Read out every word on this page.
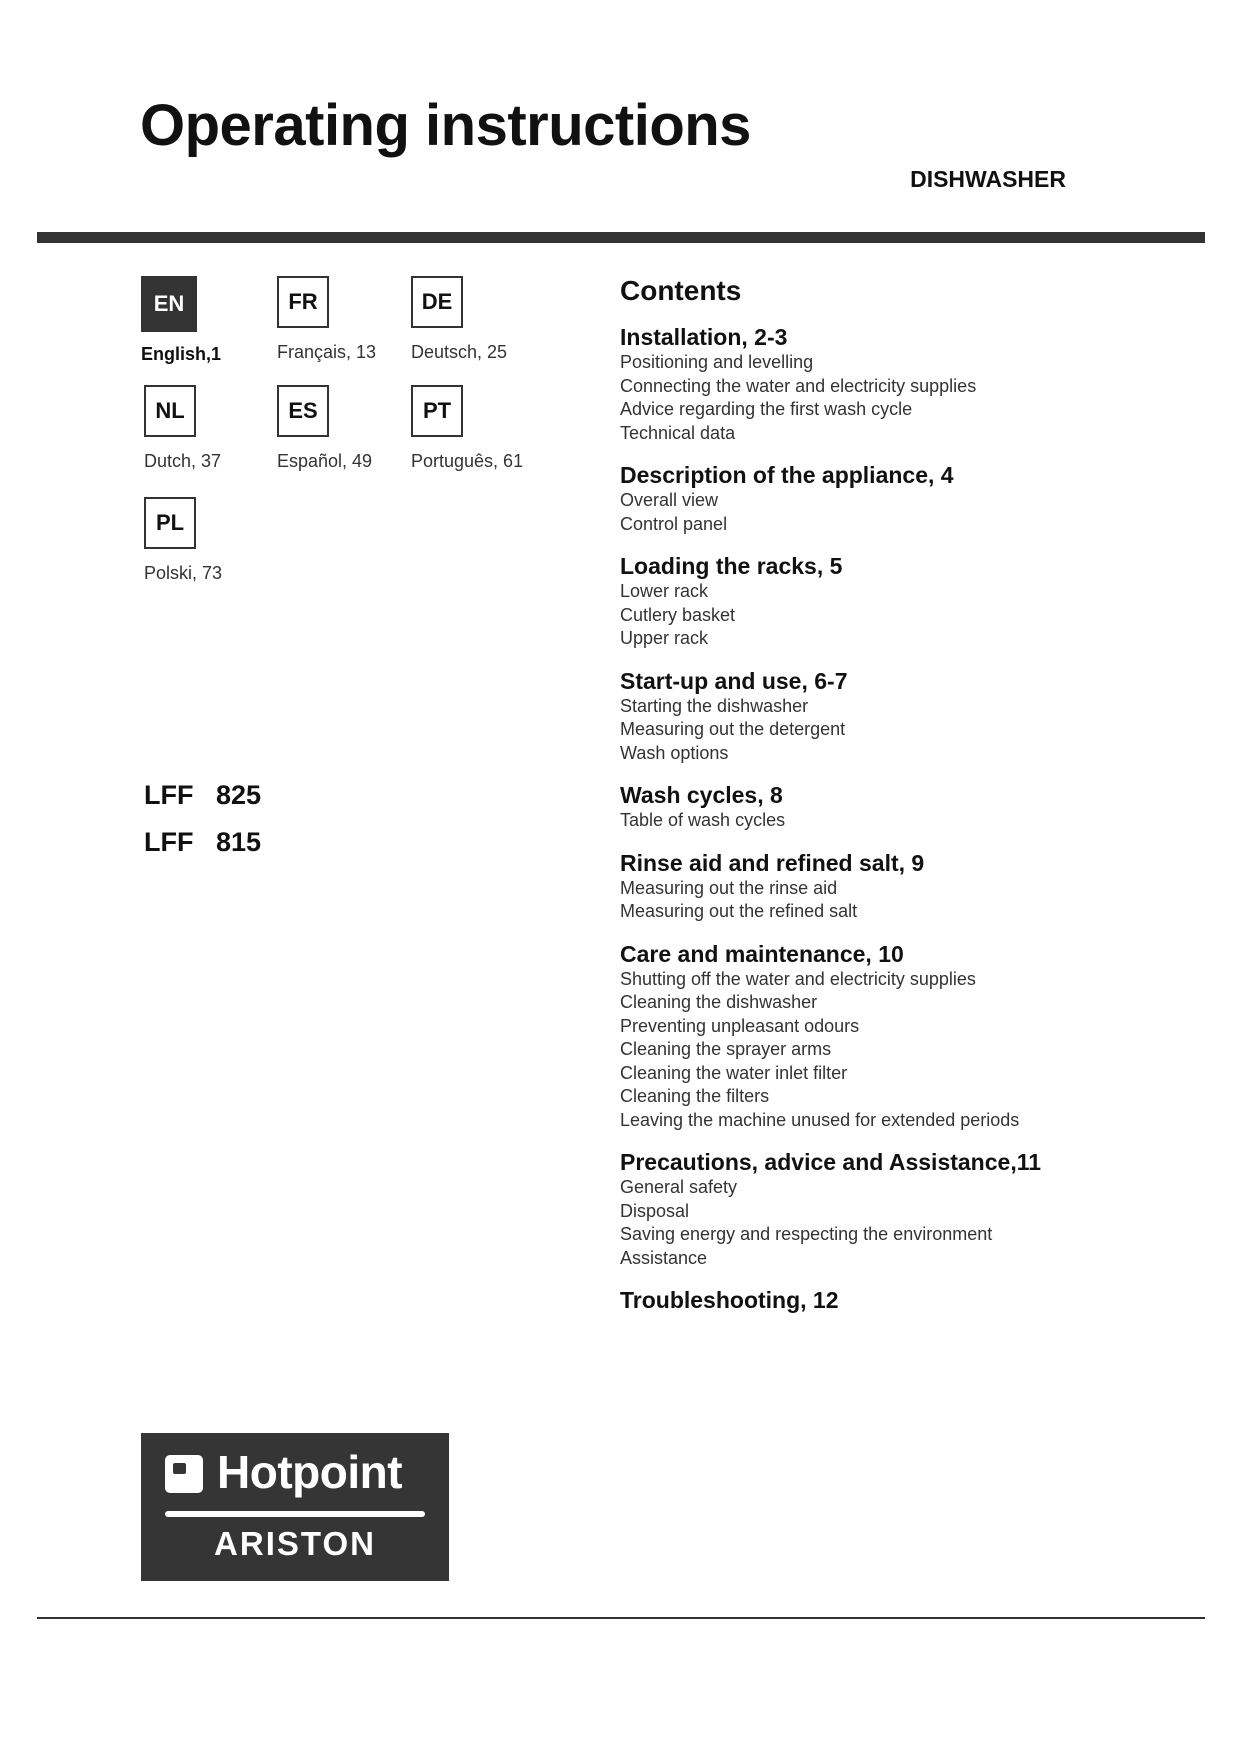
Operating instructions
DISHWASHER
EN
English,1
FR
Français, 13
DE
Deutsch, 25
NL
Dutch, 37
ES
Español, 49
PT
Português, 61
PL
Polski, 73
LFF   825
LFF   815
Contents
Installation, 2-3
Positioning and levelling
Connecting the water and electricity supplies
Advice regarding the first wash cycle
Technical data
Description of the appliance, 4
Overall view
Control panel
Loading the racks, 5
Lower rack
Cutlery basket
Upper rack
Start-up and use, 6-7
Starting the dishwasher
Measuring out the detergent
Wash options
Wash cycles, 8
Table of wash cycles
Rinse aid and refined salt, 9
Measuring out the rinse aid
Measuring out the refined salt
Care and maintenance, 10
Shutting off the water and electricity supplies
Cleaning the dishwasher
Preventing unpleasant odours
Cleaning the sprayer arms
Cleaning the water inlet filter
Cleaning the filters
Leaving the machine unused for extended periods
Precautions, advice and Assistance,11
General safety
Disposal
Saving energy and respecting the environment
Assistance
Troubleshooting, 12
Hotpoint
ARISTON
